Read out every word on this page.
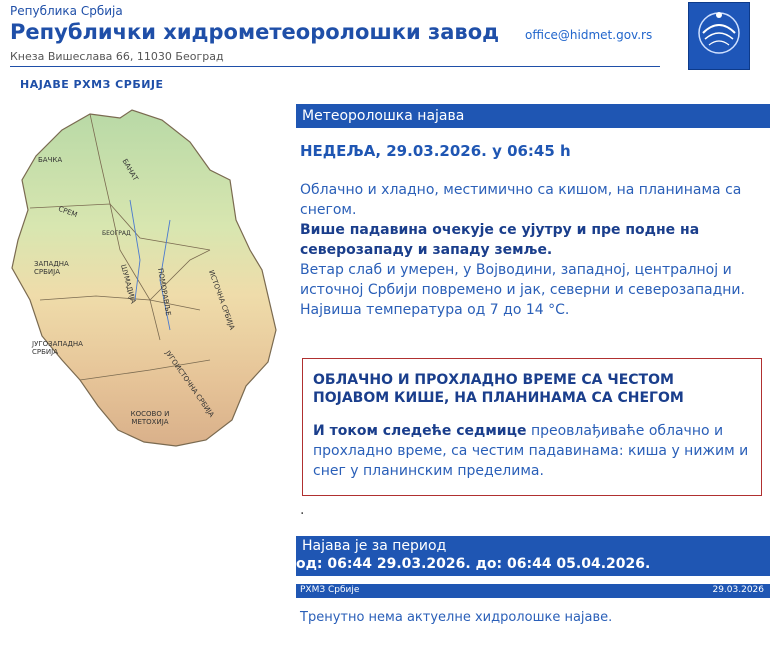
Република Србија
Републички хидрометеоролошки завод
Кнеза Вишеслава 66, 11030 Београд
office@hidmet.gov.rs
НАЈАВЕ РХМЗ СРБИЈЕ
БАЧКА	БАНАТ
СРЕМ
БЕОГРАД
ЗАПАДНА СРБИЈА	ШУМАДИЈА	ПОМОРАВЉЕ	ИСТОЧНА СРБИЈА
ЈУГОЗАПАДНА СРБИЈА	ЈУГОИСТОЧНА СРБИЈА
КОСОВО И МЕТОХИЈА
Метеоролошка најава
НЕДЕЉА, 29.03.2026. у 06:45 h
Облачно и хладно, местимично са кишом, на планинама са снегом.
Више падавина очекује се ујутру и пре подне на северозападу и западу земље.
Ветар слаб и умерен, у Војводини, западној, централној и источној Србији повремено и јак, северни и северозападни.
Највиша температура од 7 до 14 °C.
ОБЛАЧНО И ПРОХЛАДНО ВРЕМЕ СА ЧЕСТОМ ПОЈАВОМ КИШЕ, НА ПЛАНИНАМА СА СНЕГОМ
И током следеће седмице преовлађиваће облачно и прохладно време, са честим падавинама: киша у нижим и снег у планинским пределима.
.
Најава је за период
од: 06:44 29.03.2026. до: 06:44 05.04.2026.
РХМЗ Србије	29.03.2026
Тренутно нема актуелне хидролошке најаве.
